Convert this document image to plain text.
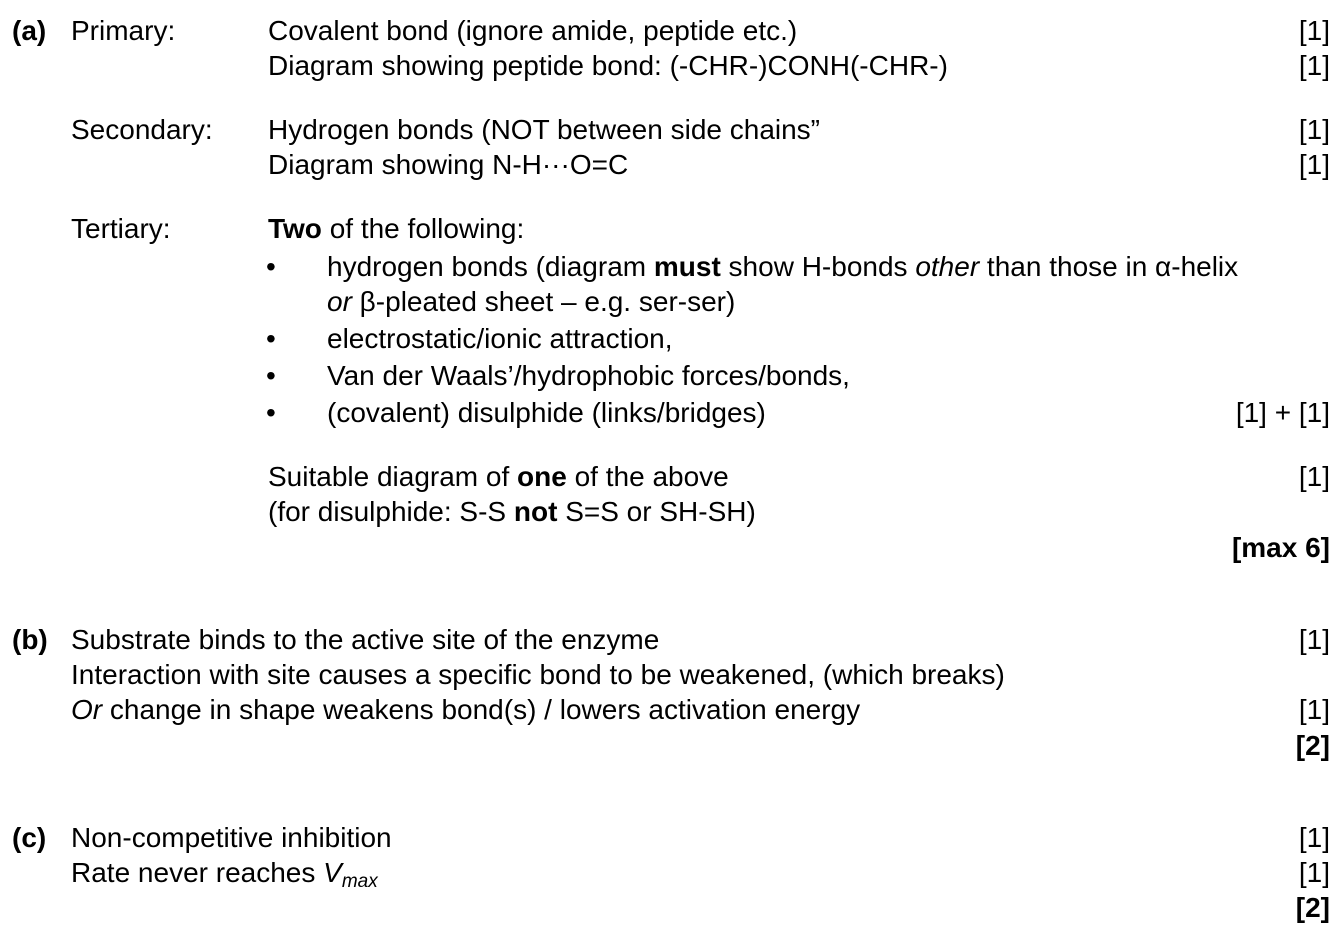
(a) Primary:	Covalent bond (ignore amide, peptide etc.)	[1]
Diagram showing peptide bond: (-CHR-)CONH(-CHR-)	[1]
Secondary: Hydrogen bonds (NOT between side chains”	[1]
Diagram showing N-H···O=C	[1]
Tertiary:	Two of the following:
• hydrogen bonds (diagram must show H-bonds other than those in α-helix
or β-pleated sheet – e.g. ser-ser)
• electrostatic/ionic attraction,
• Van der Waals’/hydrophobic forces/bonds,
• (covalent) disulphide (links/bridges)	[1] + [1]
Suitable diagram of one of the above	[1]
(for disulphide: S-S not S=S or SH-SH)
[max 6]
(b) Substrate binds to the active site of the enzyme	[1]
Interaction with site causes a specific bond to be weakened, (which breaks)
Or change in shape weakens bond(s) / lowers activation energy	[1]
[2]
(c) Non-competitive inhibition	[1]
Rate never reaches $V_{max}$	[1]
[2]
